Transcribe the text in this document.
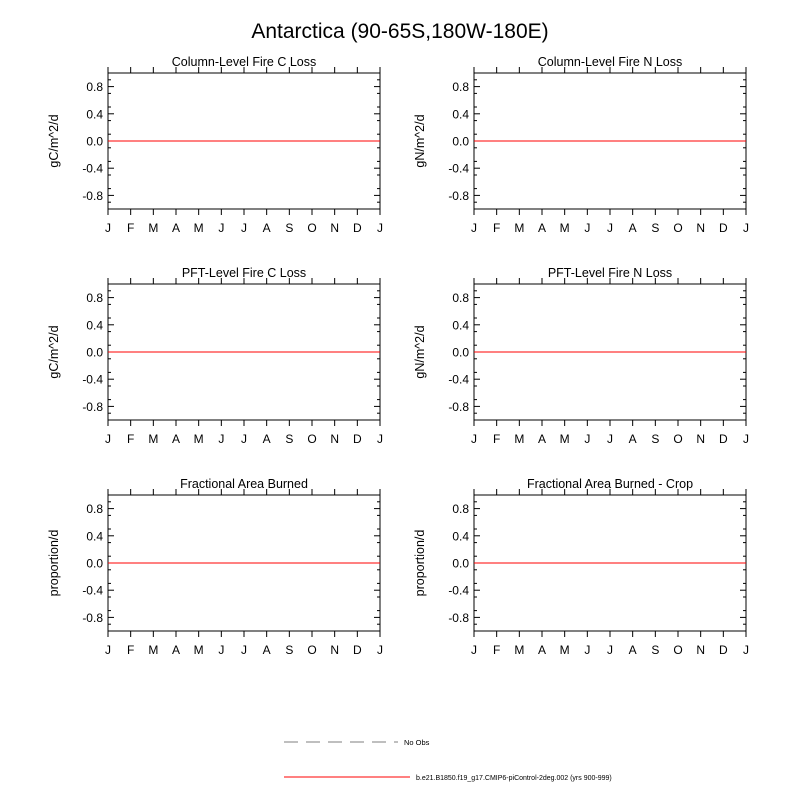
Antarctica (90-65S,180W-180E)
Column-Level Fire C Loss
gC/m^2/d
0.8
0.4
0.0
-0.4
-0.8
J F M A M J J A S O N D J
Column-Level Fire N Loss
gN/m^2/d
0.8
0.4
0.0
-0.4
-0.8
J F M A M J J A S O N D J
PFT-Level Fire C Loss
gC/m^2/d
0.8
0.4
0.0
-0.4
-0.8
J F M A M J J A S O N D J
PFT-Level Fire N Loss
gN/m^2/d
0.8
0.4
0.0
-0.4
-0.8
J F M A M J J A S O N D J
Fractional Area Burned
proportion/d
0.8
0.4
0.0
-0.4
-0.8
J F M A M J J A S O N D J
Fractional Area Burned - Crop
proportion/d
0.8
0.4
0.0
-0.4
-0.8
J F M A M J J A S O N D J
No Obs
b.e21.B1850.f19_g17.CMIP6-piControl-2deg.002 (yrs 900-999)
